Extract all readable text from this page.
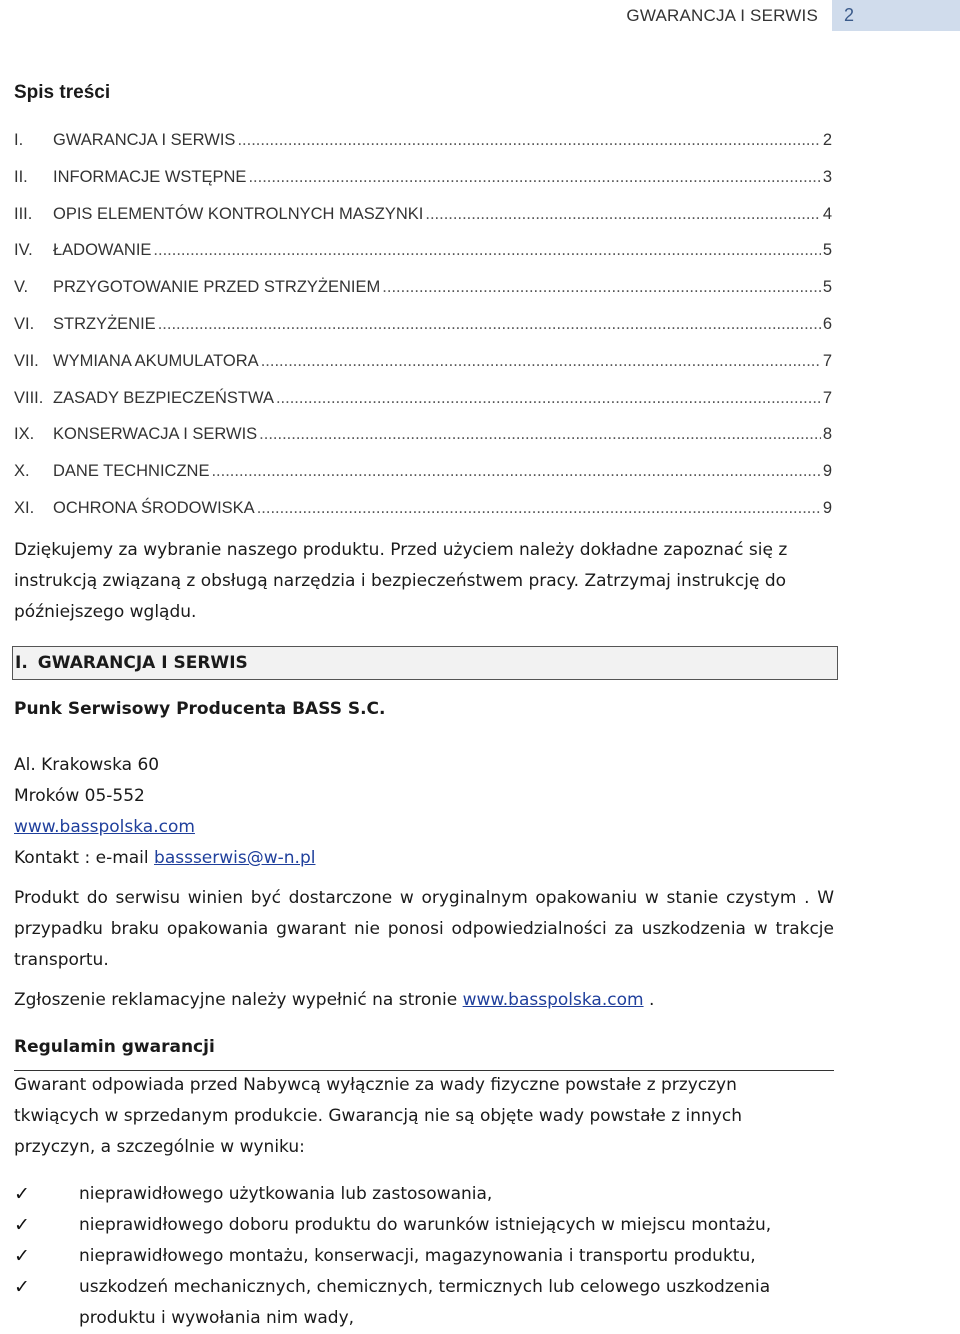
GWARANCJA I SERWIS	2
Spis treści
I.	GWARANCJA I SERWIS .....	2
II.	INFORMACJE WSTĘPNE .....	3
III.	OPIS ELEMENTÓW KONTROLNYCH MASZYNKI .....	4
IV.	ŁADOWANIE .....	5
V.	PRZYGOTOWANIE PRZED STRZYŻENIEM .....	5
VI.	STRZYŻENIE .....	6
VII. WYMIANA AKUMULATORA .....	7
VIII. ZASADY BEZPIECZEŃSTWA .....	7
IX.	KONSERWACJA I SERWIS .....	8
X.	DANE TECHNICZNE .....	9
XI.	OCHRONA ŚRODOWISKA .....	9

Dziękujemy za wybranie naszego produktu. Przed użyciem należy dokładne zapoznać się z instrukcją związaną z obsługą narzędzia i bezpieczeństwem pracy. Zatrzymaj instrukcję do późniejszego wglądu.

I. GWARANCJA I SERWIS
Punk Serwisowy Producenta BASS S.C.
Al. Krakowska 60
Mroków 05-552
www.basspolska.com
Kontakt : e-mail bassserwis@w-n.pl

Produkt do serwisu winien być dostarczone w oryginalnym opakowaniu w stanie czystym . W przypadku braku opakowania gwarant nie ponosi odpowiedzialności za uszkodzenia w trakcje transportu.

Zgłoszenie reklamacyjne należy wypełnić na stronie www.basspolska.com .

Regulamin gwarancji

Gwarant odpowiada przed Nabywcą wyłącznie za wady fizyczne powstałe z przyczyn tkwiących w sprzedanym produkcie. Gwarancją nie są objęte wady powstałe z innych przyczyn, a szczególnie w wyniku:

✓	nieprawidłowego użytkowania lub zastosowania,
✓	nieprawidłowego doboru produktu do warunków istniejących w miejscu montażu,
✓	nieprawidłowego montażu, konserwacji, magazynowania i transportu produktu,
✓	uszkodzeń mechanicznych, chemicznych, termicznych lub celowego uszkodzenia produktu i wywołania nim wady,
